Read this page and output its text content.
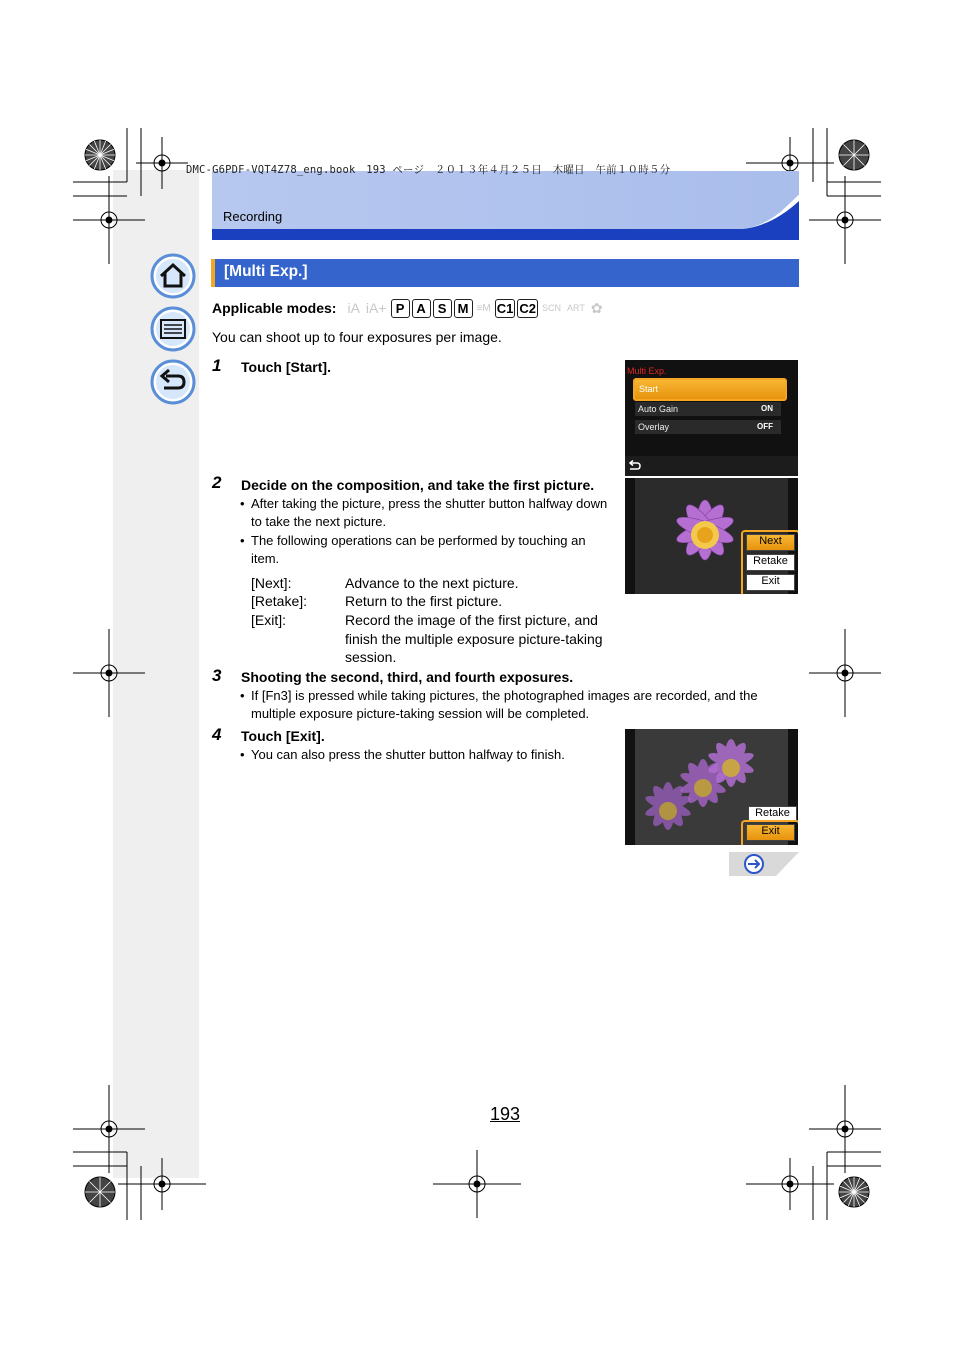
DMC-G6PDF-VQT4Z78_eng.book　193 ページ　２０１３年４月２５日　木曜日　午前１０時５分
Recording
[Multi Exp.]
Applicable modes: iA iA+ P A S M ≡M C1 C2 SCN ART ✿
You can shoot up to four exposures per image.
1 Touch [Start].	Multi Exp.
Start
Auto Gain	ON
Overlay	OFF
2 Decide on the composition, and take the first picture.
• After taking the picture, press the shutter button halfway down to take the next picture.
• The following operations can be performed by touching an item.
[Next]:	Advance to the next picture.
[Retake]:	Return to the first picture.
[Exit]:	Record the image of the first picture, and finish the multiple exposure picture-taking session.
Next
Retake
Exit
3 Shooting the second, third, and fourth exposures.
• If [Fn3] is pressed while taking pictures, the photographed images are recorded, and the multiple exposure picture-taking session will be completed.
4 Touch [Exit].
• You can also press the shutter button halfway to finish.
Retake
Exit
193
